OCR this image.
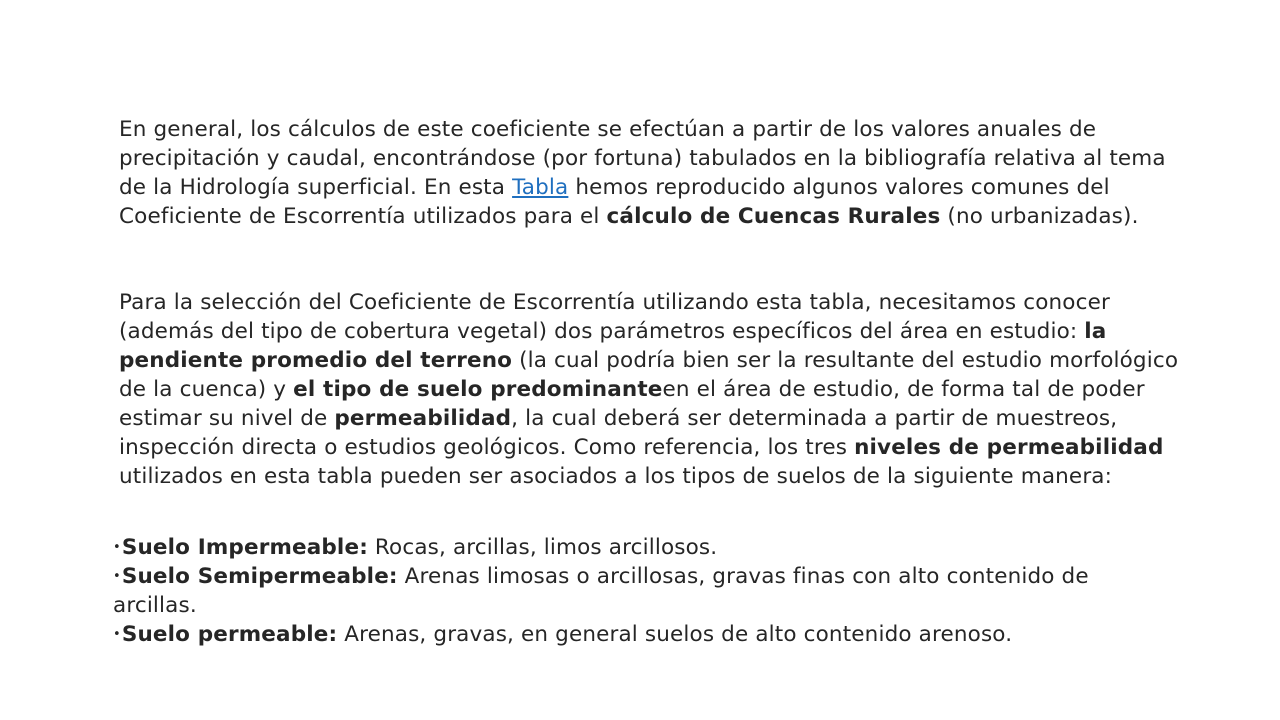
En general, los cálculos de este coeficiente se efectúan a partir de los valores anuales de precipitación y caudal, encontrándose (por fortuna) tabulados en la bibliografía relativa al tema de la Hidrología superficial. En esta Tabla hemos reproducido algunos valores comunes del Coeficiente de Escorrentía utilizados para el cálculo de Cuencas Rurales (no urbanizadas).

Para la selección del Coeficiente de Escorrentía utilizando esta tabla, necesitamos conocer (además del tipo de cobertura vegetal) dos parámetros específicos del área en estudio: la pendiente promedio del terreno (la cual podría bien ser la resultante del estudio morfológico de la cuenca) y el tipo de suelo predominanteen el área de estudio, de forma tal de poder estimar su nivel de permeabilidad, la cual deberá ser determinada a partir de muestreos, inspección directa o estudios geológicos. Como referencia, los tres niveles de permeabilidad utilizados en esta tabla pueden ser asociados a los tipos de suelos de la siguiente manera:

•Suelo Impermeable: Rocas, arcillas, limos arcillosos.
•Suelo Semipermeable: Arenas limosas o arcillosas, gravas finas con alto contenido de arcillas.
•Suelo permeable: Arenas, gravas, en general suelos de alto contenido arenoso.
